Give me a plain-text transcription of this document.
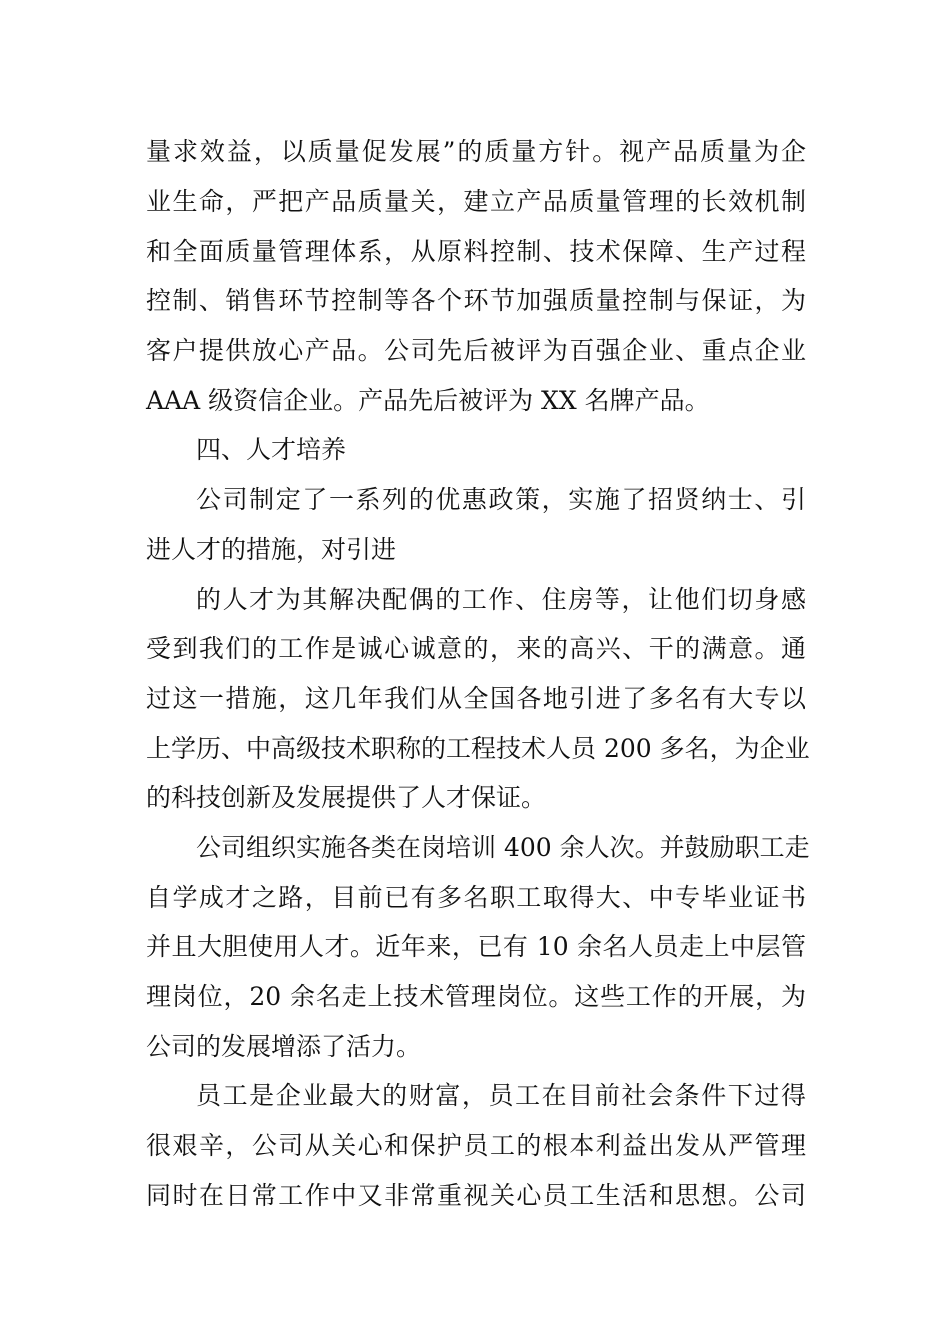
量求效益，以质量促发展”的质量方针。视产品质量为企
业生命，严把产品质量关，建立产品质量管理的长效机制
和全面质量管理体系，从原料控制、技术保障、生产过程
控制、销售环节控制等各个环节加强质量控制与保证，为
客户提供放心产品。公司先后被评为百强企业、重点企业
AAA 级资信企业。产品先后被评为 XX 名牌产品。
四、人才培养
公司制定了一系列的优惠政策，实施了招贤纳士、引
进人才的措施，对引进
的人才为其解决配偶的工作、住房等，让他们切身感
受到我们的工作是诚心诚意的，来的高兴、干的满意。通
过这一措施，这几年我们从全国各地引进了多名有大专以
上学历、中高级技术职称的工程技术人员 200 多名，为企业
的科技创新及发展提供了人才保证。
公司组织实施各类在岗培训 400 余人次。并鼓励职工走
自学成才之路，目前已有多名职工取得大、中专毕业证书
并且大胆使用人才。近年来，已有 10 余名人员走上中层管
理岗位，20 余名走上技术管理岗位。这些工作的开展，为
公司的发展增添了活力。
员工是企业最大的财富，员工在目前社会条件下过得
很艰辛，公司从关心和保护员工的根本利益出发从严管理
同时在日常工作中又非常重视关心员工生活和思想。公司
